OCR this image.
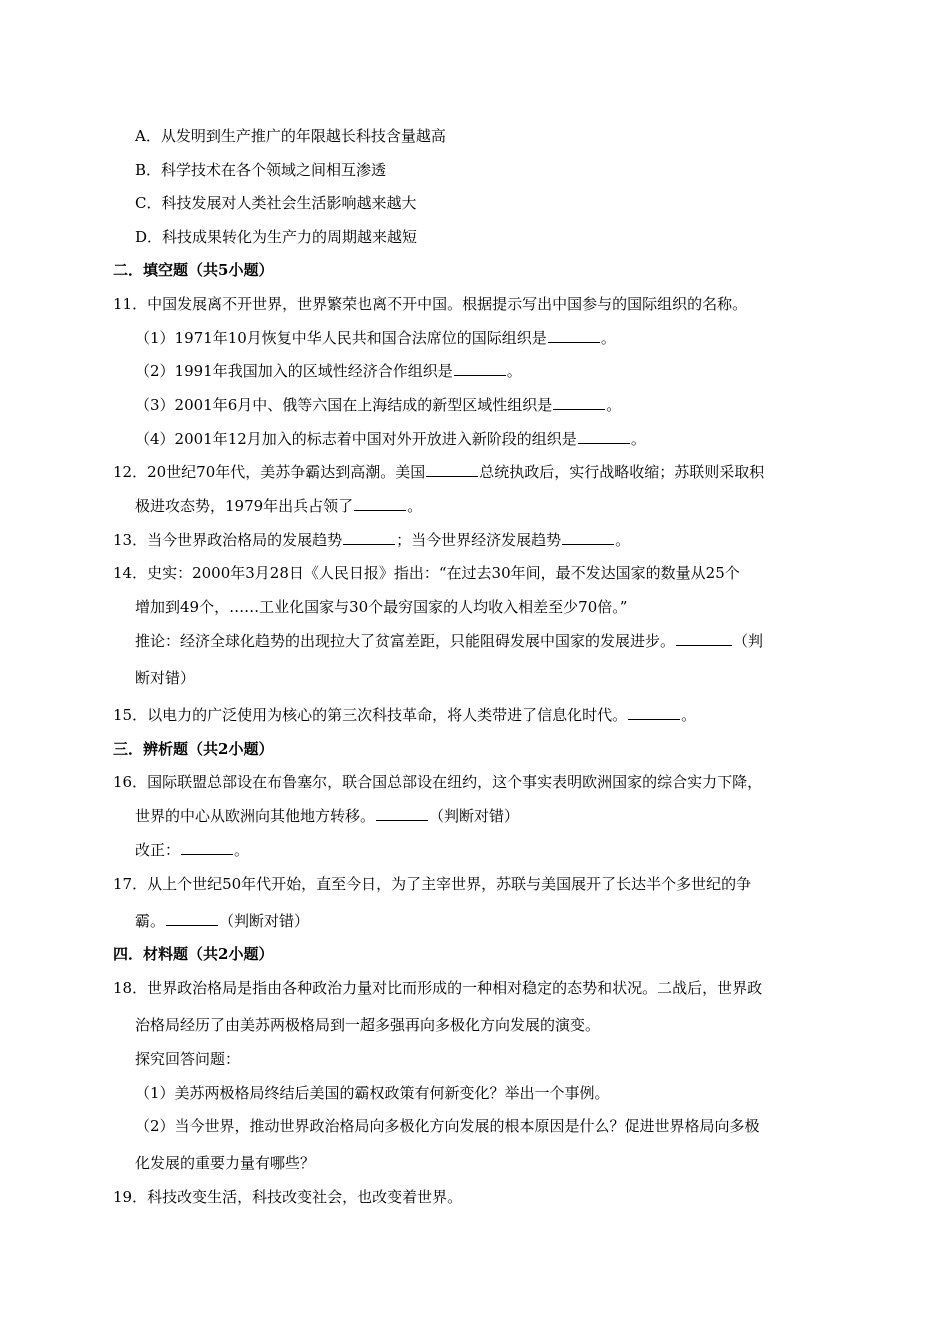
A．从发明到生产推广的年限越长科技含量越高
B．科学技术在各个领域之间相互渗透
C．科技发展对人类社会生活影响越来越大
D．科技成果转化为生产力的周期越来越短
二．填空题（共5小题）
11．中国发展离不开世界，世界繁荣也离不开中国。根据提示写出中国参与的国际组织的名称。
（1）1971年10月恢复中华人民共和国合法席位的国际组织是	。
（2）1991年我国加入的区域性经济合作组织是	。
（3）2001年6月中、俄等六国在上海结成的新型区域性组织是	。
（4）2001年12月加入的标志着中国对外开放进入新阶段的组织是	。
12．20世纪70年代，美苏争霸达到高潮。美国	总统执政后，实行战略收缩；苏联则采取积
极进攻态势，1979年出兵占领了	。
13．当今世界政治格局的发展趋势	；当今世界经济发展趋势	。
14．史实：2000年3月28日《人民日报》指出：“在过去30年间，最不发达国家的数量从25个
增加到49个，……工业化国家与30个最穷国家的人均收入相差至少70倍。”
推论：经济全球化趋势的出现拉大了贫富差距，只能阻碍发展中国家的发展进步。	（判
断对错）
15．以电力的广泛使用为核心的第三次科技革命，将人类带进了信息化时代。	。
三．辨析题（共2小题）
16．国际联盟总部设在布鲁塞尔，联合国总部设在纽约，这个事实表明欧洲国家的综合实力下降，
世界的中心从欧洲向其他地方转移。	（判断对错）
改正：	。
17．从上个世纪50年代开始，直至今日，为了主宰世界，苏联与美国展开了长达半个多世纪的争
霸。	（判断对错）
四．材料题（共2小题）
18．世界政治格局是指由各种政治力量对比而形成的一种相对稳定的态势和状况。二战后，世界政
治格局经历了由美苏两极格局到一超多强再向多极化方向发展的演变。
探究回答问题：
（1）美苏两极格局终结后美国的霸权政策有何新变化？举出一个事例。
（2）当今世界，推动世界政治格局向多极化方向发展的根本原因是什么？促进世界格局向多极
化发展的重要力量有哪些？
19．科技改变生活，科技改变社会，也改变着世界。
